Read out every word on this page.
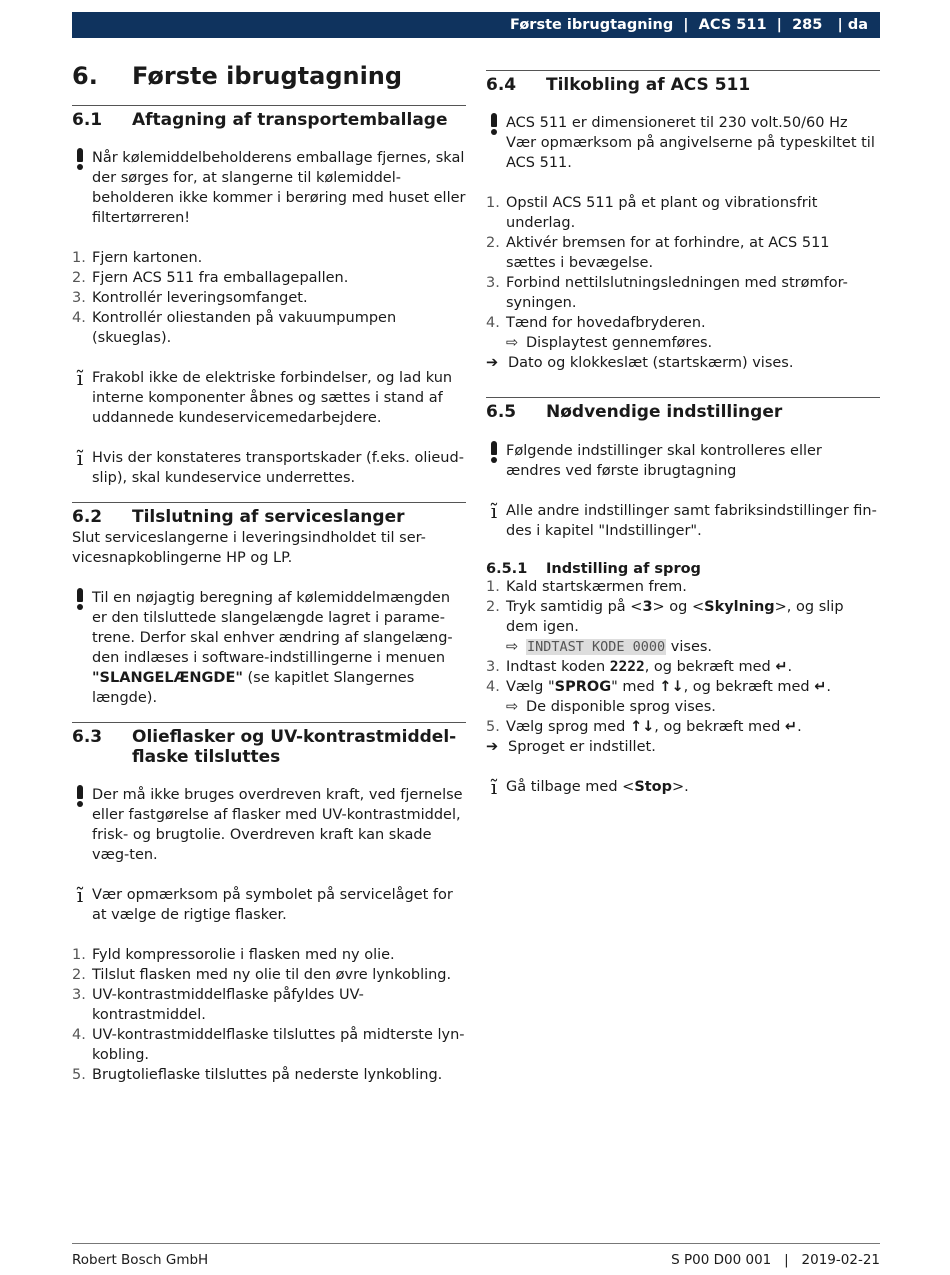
Første ibrugtagning  |  ACS 511  |  285   | da
6.	Første ibrugtagning
6.1	Aftagning af transportemballage
Når kølemiddelbeholderens emballage fjernes, skal der sørges for, at slangerne til kølemiddel-beholderen ikke kommer i berøring med huset eller filtertørreren!
1. Fjern kartonen.
2. Fjern ACS 511 fra emballagepallen.
3. Kontrollér leveringsomfanget.
4. Kontrollér oliestanden på vakuumpumpen (skueglas).
ĩ Frakobl ikke de elektriske forbindelser, og lad kun interne komponenter åbnes og sættes i stand af uddannede kundeservicemedarbejdere.
ĩ Hvis der konstateres transportskader (f.eks. olieud-slip), skal kundeservice underrettes.
6.2	Tilslutning af serviceslanger

Slut serviceslangerne i leveringsindholdet til ser-vicesnapkoblingerne HP og LP.

Til en nøjagtig beregning af kølemiddelmængden er den tilsluttede slangelængde lagret i parame-trene. Derfor skal enhver ændring af slangelæng-den indlæses i software-indstillingerne i menuen "SLANGELÆNGDE" (se kapitlet Slangernes længde).
6.3	Olieflasker og UV-kontrastmiddel-flaske tilsluttes
Der må ikke bruges overdreven kraft, ved fjernelse eller fastgørelse af flasker med UV-kontrastmiddel, frisk- og brugtolie. Overdreven kraft kan skade væg-ten.
ĩ Vær opmærksom på symbolet på servicelåget for at vælge de rigtige flasker.
1. Fyld kompressorolie i flasken med ny olie.
2. Tilslut flasken med ny olie til den øvre lynkobling.
3. UV-kontrastmiddelflaske påfyldes UV-kontrastmiddel.
4. UV-kontrastmiddelflaske tilsluttes på midterste lyn-kobling.
5. Brugtolieflaske tilsluttes på nederste lynkobling.
6.4	Tilkobling af ACS 511
ACS 511 er dimensioneret til 230 volt.50/60 Hz Vær opmærksom på angivelserne på typeskiltet til ACS 511.
1. Opstil ACS 511 på et plant og vibrationsfrit underlag.
2. Aktivér bremsen for at forhindre, at ACS 511 sættes i bevægelse.
3. Forbind nettilslutningsledningen med strømfor-syningen.
4. Tænd for hovedafbryderen.
⇨ Displaytest gennemføres.
➔ Dato og klokkeslæt (startskærm) vises.
6.5	Nødvendige indstillinger
Følgende indstillinger skal kontrolleres eller ændres ved første ibrugtagning
ĩ Alle andre indstillinger samt fabriksindstillinger fin-des i kapitel "Indstillinger".
6.5.1	Indstilling af sprog
1. Kald startskærmen frem.
2. Tryk samtidig på <3> og <Skylning>, og slip dem igen.
⇨ INDTAST KODE 0000 vises.
3. Indtast koden 2222, og bekræft med ↵.
4. Vælg "SPROG" med ↑↓, og bekræft med ↵.
⇨ De disponible sprog vises.
5. Vælg sprog med ↑↓, og bekræft med ↵.
➔ Sproget er indstillet.
ĩ Gå tilbage med <Stop>.
Robert Bosch GmbH	S P00 D00 001   |   2019-02-21
